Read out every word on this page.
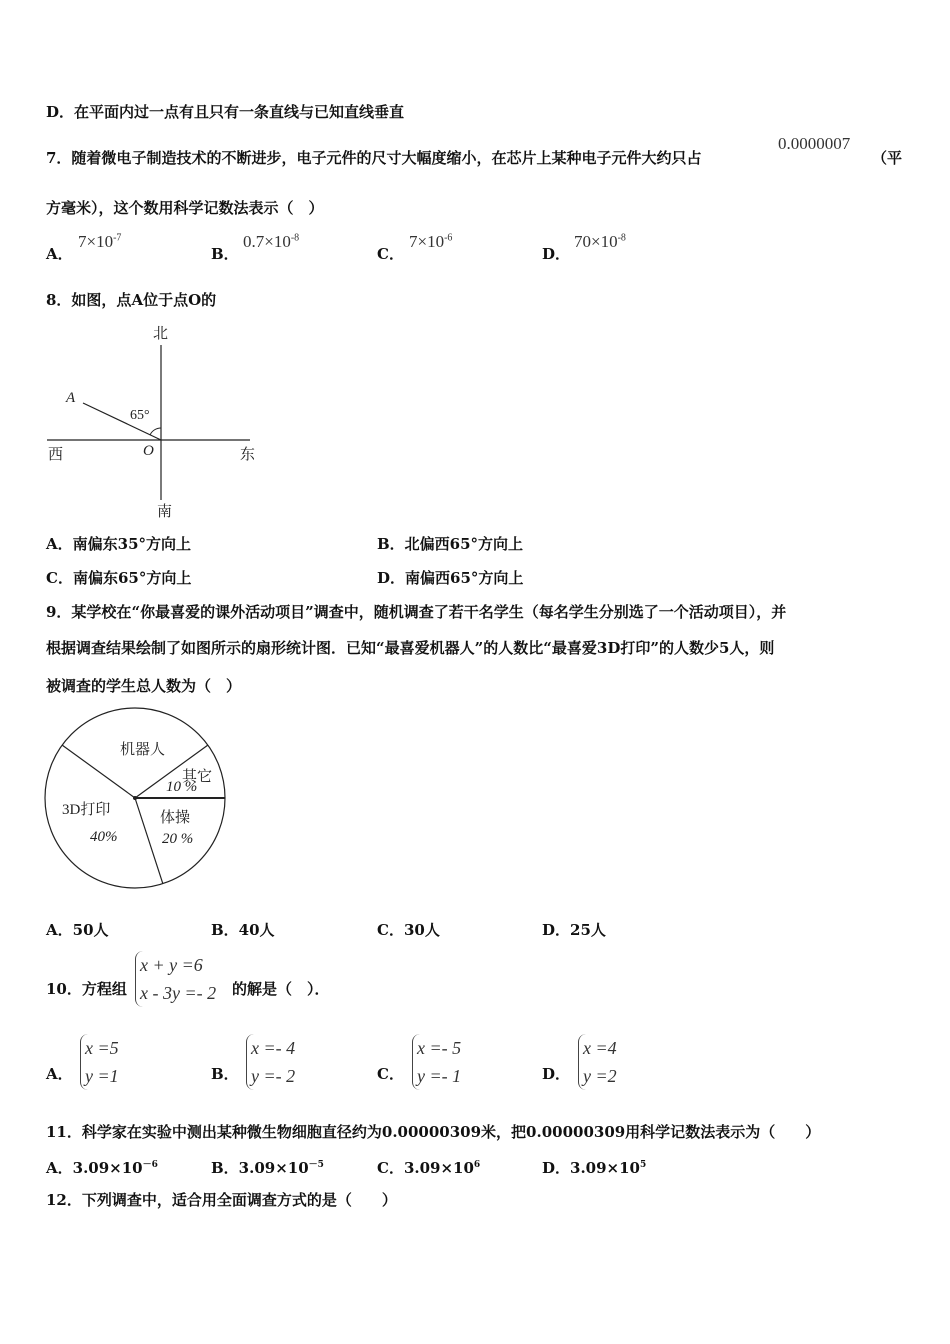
D．在平面内过一点有且只有一条直线与已知直线垂直
7．随着微电子制造技术的不断进步，电子元件的尺寸大幅度缩小，在芯片上某种电子元件大约只占
0.0000007
（平
方毫米），这个数用科学记数法表示（　）
A．
$7\times 10^{-7}$
B．
$0.7\times 10^{-8}$
C．
$7\times 10^{-6}$
D．
$70\times 10^{-8}$
8．如图，点A位于点O的
北
南
西	东
A
O
65°
A．南偏东35°方向上	B．北偏西65°方向上
C．南偏东65°方向上	D．南偏西65°方向上
9．某学校在“你最喜爱的课外活动项目”调查中，随机调查了若干名学生（每名学生分别选了一个活动项目），并
根据调查结果绘制了如图所示的扇形统计图．已知“最喜爱机器人”的人数比“最喜爱3D打印”的人数少5人，则
被调查的学生总人数为（　）
机器人
其它
10 %
3D打印
40%
体操
20 %
A．50人	B．40人	C．30人	D．25人
10．方程组
x + y =6
x - 3y =- 2 的解是（　）．
A．
x =5
y =1	B．
x =- 4
y =- 2	C．
x =- 5
y =- 1	D．
x =4
y =2
11．科学家在实验中测出某种微生物细胞直径约为0.00000309米，把0.00000309用科学记数法表示为（　　）
A．$3.09\times 10^{-6}$	B．$3.09\times 10^{-5}$	C．$3.09\times 10^6$	D．$3.09\times 10^5$
12．下列调查中，适合用全面调查方式的是（　　）
